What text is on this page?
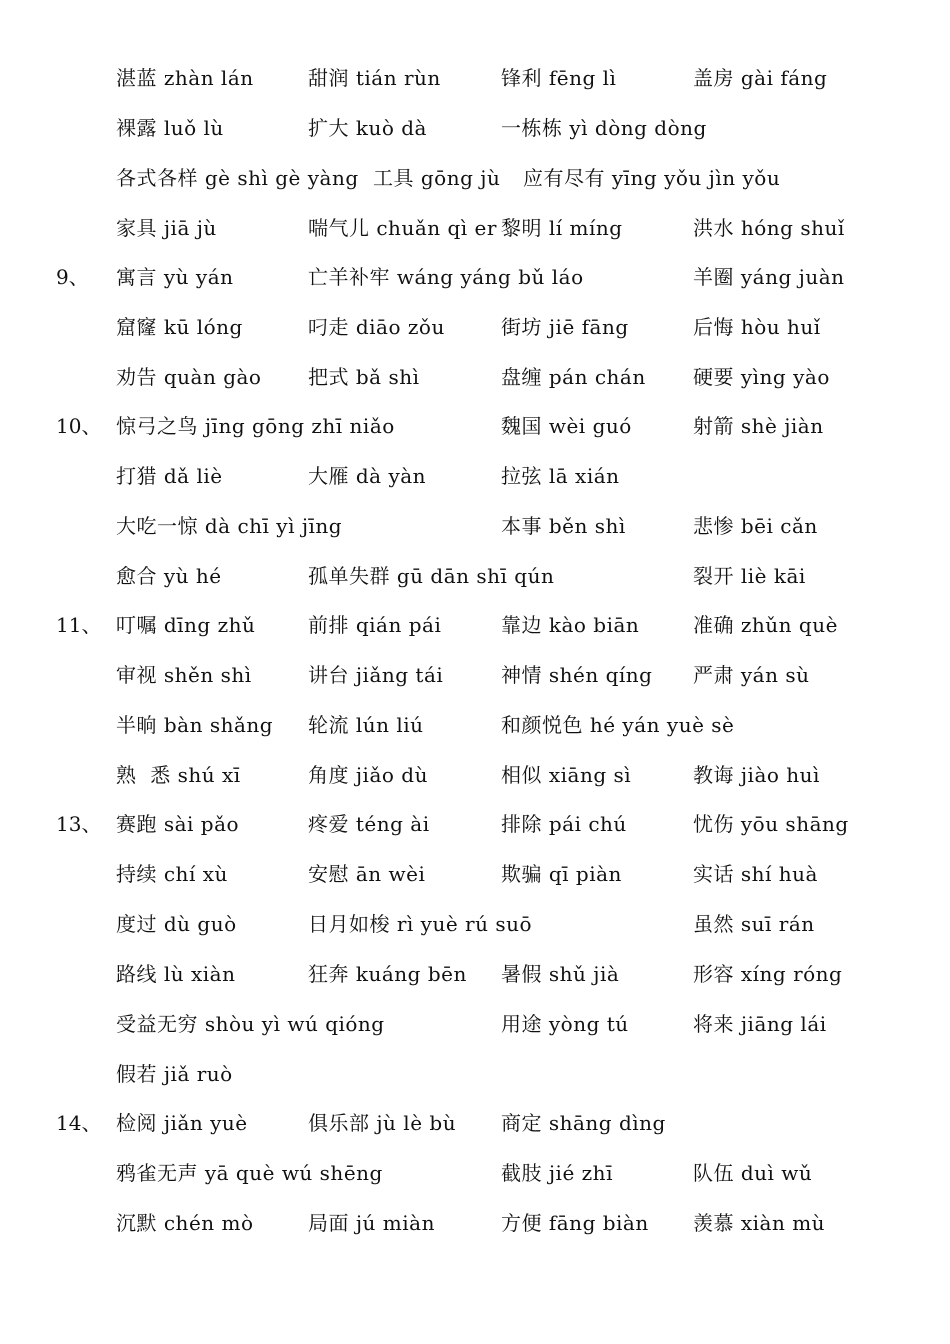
湛蓝 zhàn lán	甜润 tián rùn	锋利 fēng lì	盖房 gài fáng
裸露 luǒ lù	扩大 kuò dà	一栋栋 yì dòng dòng
各式各样 gè shì gè yàng 工具 gōng jù 应有尽有 yīng yǒu jìn yǒu
家具 jiā jù	喘气儿 chuǎn qì er 黎明 lí míng	洪水 hóng shuǐ
9、 寓言 yù yán	亡羊补牢 wáng yáng bǔ láo	羊圈 yáng juàn
窟窿 kū lóng	叼走 diāo zǒu	街坊 jiē fāng	后悔 hòu huǐ
劝告 quàn gào 把式 bǎ shì	盘缠 pán chán 硬要 yìng yào
10、 惊弓之鸟 jīng gōng zhī niǎo	魏国 wèi guó	射箭 shè jiàn
打猎 dǎ liè	大雁 dà yàn	拉弦 lā xián
大吃一惊 dà chī yì jīng	本事 běn shì	悲惨 bēi cǎn
愈合 yù hé	孤单失群 gū dān shī qún	裂开 liè kāi
11、 叮嘱 dīng zhǔ	前排 qián pái	靠边 kào biān	准确 zhǔn què
审视 shěn shì	讲台 jiǎng tái	神情 shén qíng 严肃 yán sù
半晌 bàn shǎng 轮流 lún liú	和颜悦色 hé yán yuè sè
熟  悉 shú xī	角度 jiǎo dù	相似 xiāng sì	教诲 jiào huì
13、 赛跑 sài pǎo	疼爱 téng ài	排除 pái chú	忧伤 yōu shāng
持续 chí xù	安慰 ān wèi	欺骗 qī piàn	实话 shí huà
度过 dù guò	日月如梭 rì yuè rú suō	虽然 suī rán
路线 lù xiàn	狂奔 kuáng bēn 暑假 shǔ jià	形容 xíng róng
受益无穷 shòu yì wú qióng	用途 yòng tú	将来 jiāng lái
假若 jiǎ ruò
14、 检阅 jiǎn yuè	俱乐部 jù lè bù 商定 shāng dìng
鸦雀无声 yā què wú shēng	截肢 jié zhī	队伍 duì wǔ
沉默 chén mò	局面 jú miàn	方便 fāng biàn 羡慕 xiàn mù
